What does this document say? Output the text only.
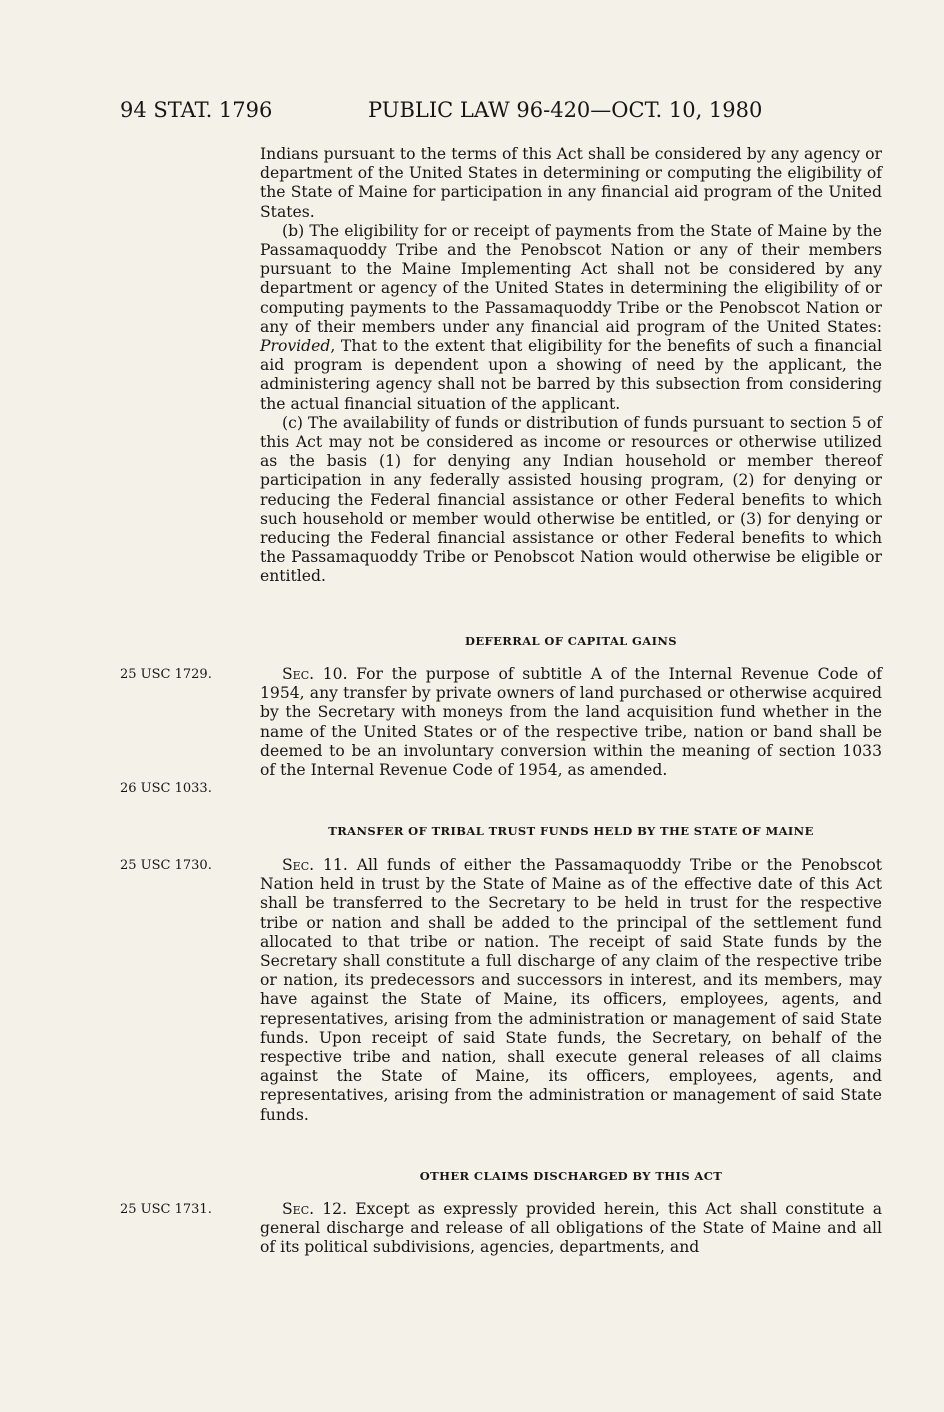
94 STAT. 1796	PUBLIC LAW 96-420—OCT. 10, 1980

Indians pursuant to the terms of this Act shall be considered by any agency or department of the United States in determining or computing the eligibility of the State of Maine for participation in any financial aid program of the United States.

(b) The eligibility for or receipt of payments from the State of Maine by the Passamaquoddy Tribe and the Penobscot Nation or any of their members pursuant to the Maine Implementing Act shall not be considered by any department or agency of the United States in determining the eligibility of or computing payments to the Passamaquoddy Tribe or the Penobscot Nation or any of their members under any financial aid program of the United States: Provided, That to the extent that eligibility for the benefits of such a financial aid program is dependent upon a showing of need by the applicant, the administering agency shall not be barred by this subsection from considering the actual financial situation of the applicant.

(c) The availability of funds or distribution of funds pursuant to section 5 of this Act may not be considered as income or resources or otherwise utilized as the basis (1) for denying any Indian household or member thereof participation in any federally assisted housing program, (2) for denying or reducing the Federal financial assistance or other Federal benefits to which such household or member would otherwise be entitled, or (3) for denying or reducing the Federal financial assistance or other Federal benefits to which the Passamaquoddy Tribe or Penobscot Nation would otherwise be eligible or entitled.

DEFERRAL OF CAPITAL GAINS
25 USC 1729.
26 USC 1033.

Sec. 10. For the purpose of subtitle A of the Internal Revenue Code of 1954, any transfer by private owners of land purchased or otherwise acquired by the Secretary with moneys from the land acquisition fund whether in the name of the United States or of the respective tribe, nation or band shall be deemed to be an involuntary conversion within the meaning of section 1033 of the Internal Revenue Code of 1954, as amended.

TRANSFER OF TRIBAL TRUST FUNDS HELD BY THE STATE OF MAINE
25 USC 1730.	Sec. 11. All funds of either the Passamaquoddy Tribe or the Penobscot Nation held in trust by the State of Maine as of the effective date of this Act shall be transferred to the Secretary to be held in trust for the respective tribe or nation and shall be added to the principal of the settlement fund allocated to that tribe or nation. The receipt of said State funds by the Secretary shall constitute a full discharge of any claim of the respective tribe or nation, its predecessors and successors in interest, and its members, may have against the State of Maine, its officers, employees, agents, and representatives, arising from the administration or management of said State funds. Upon receipt of said State funds, the Secretary, on behalf of the respective tribe and nation, shall execute general releases of all claims against the State of Maine, its officers, employees, agents, and representatives, arising from the administration or management of said State funds.

OTHER CLAIMS DISCHARGED BY THIS ACT
25 USC 1731.	Sec. 12. Except as expressly provided herein, this Act shall constitute a general discharge and release of all obligations of the State of Maine and all of its political subdivisions, agencies, departments, and
